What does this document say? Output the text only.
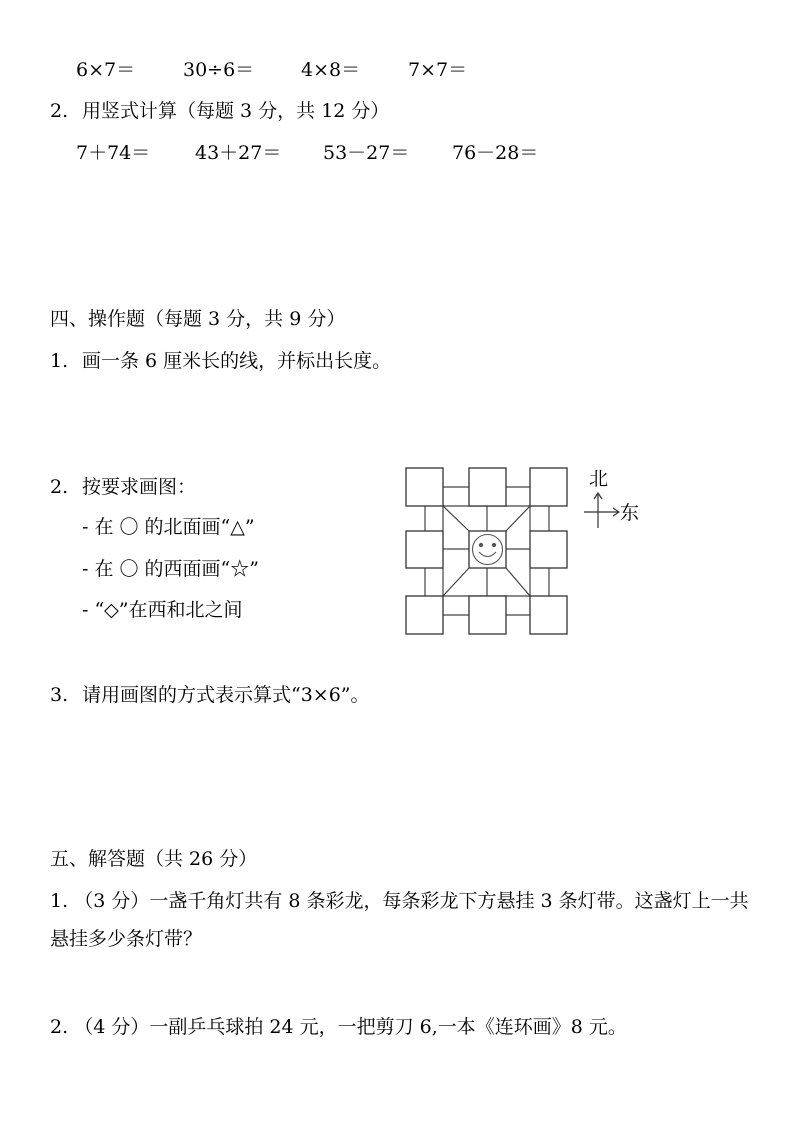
6×7＝	30÷6＝ 4×8＝	7×7＝
2. 用竖式计算（每题 3 分，共 12 分）
7＋74＝ 43＋27＝ 53－27＝ 76－28＝
四、操作题（每题 3 分，共 9 分）
1. 画一条 6 厘米长的线，并标出长度。
2. 按要求画图：
- 在 〇 的北面画“△”
- 在 〇 的西面画“☆”
- “◇”在西和北之间
北
东
3. 请用画图的方式表示算式“3×6”。
五、解答题（共 26 分）
1. （3 分）一盏千角灯共有 8 条彩龙，每条彩龙下方悬挂 3 条灯带。这盏灯上一共悬挂多少条灯带？
2. （4 分）一副乒乓球拍 24 元，一把剪刀 6,一本《连环画》8 元。
